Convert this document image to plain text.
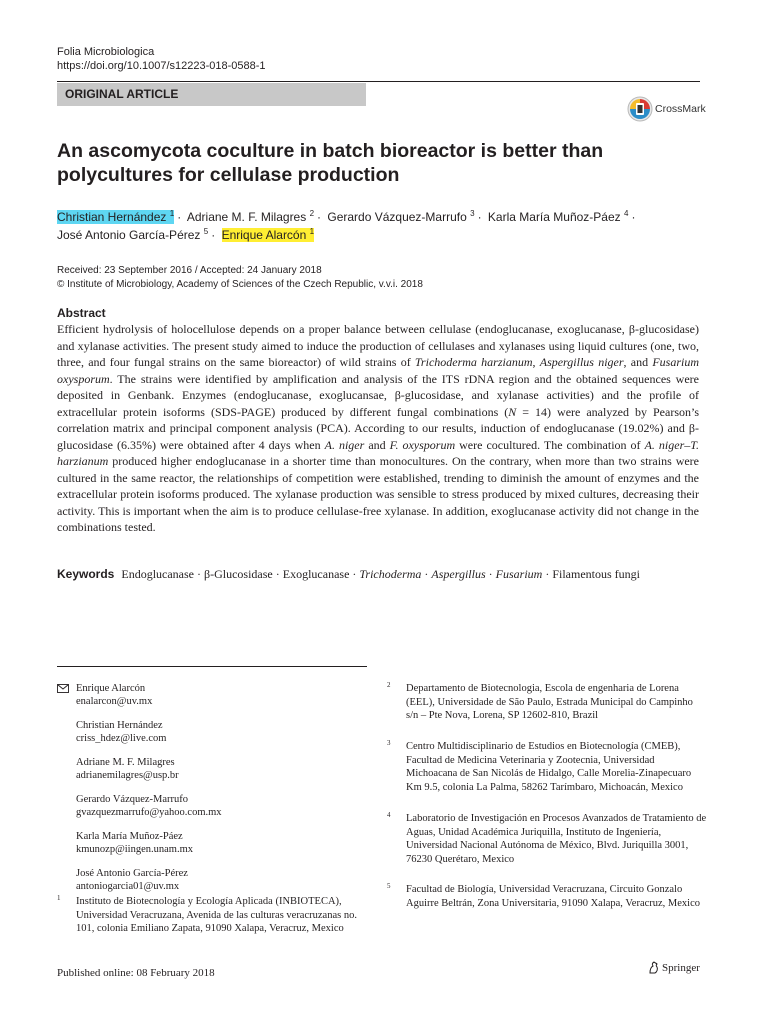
Folia Microbiologica
https://doi.org/10.1007/s12223-018-0588-1
ORIGINAL ARTICLE
CrossMark
An ascomycota coculture in batch bioreactor is better than polycultures for cellulase production
Christian Hernández $^1$ · Adriane M. F. Milagres $^2$ · Gerardo Vázquez-Marrufo $^3$ · Karla María Muñoz-Páez $^4$ ·
José Antonio García-Pérez $^5$ · Enrique Alarcón $^1$
Received: 23 September 2016 / Accepted: 24 January 2018
© Institute of Microbiology, Academy of Sciences of the Czech Republic, v.v.i. 2018
Abstract
Efficient hydrolysis of holocellulose depends on a proper balance between cellulase (endoglucanase, exoglucanase, β-glucosidase) and xylanase activities. The present study aimed to induce the production of cellulases and xylanases using liquid cultures (one, two, three, and four fungal strains on the same bioreactor) of wild strains of Trichoderma harzianum, Aspergillus niger, and Fusarium oxysporum. The strains were identified by amplification and analysis of the ITS rDNA region and the obtained sequences were deposited in Genbank. Enzymes (endoglucanase, exoglucansae, β-glucosidase, and xylanase activities) and the profile of extracellular protein isoforms (SDS-PAGE) produced by different fungal combinations (N = 14) were analyzed by Pearson’s correlation matrix and principal component analysis (PCA). According to our results, induction of endoglucanase (19.02%) and β-glucosidase (6.35%) were obtained after 4 days when A. niger and F. oxysporum were cocultured. The combination of A. niger–T. harzianum produced higher endoglucanase in a shorter time than monocultures. On the contrary, when more than two strains were cultured in the same reactor, the relationships of competition were established, trending to diminish the amount of enzymes and the extracellular protein isoforms produced. The xylanase production was sensible to stress produced by mixed cultures, decreasing their activity. This is important when the aim is to produce cellulase-free xylanase. In addition, exoglucanase activity did not change in the combinations tested.
Keywords Endoglucanase · β-Glucosidase · Exoglucanase · Trichoderma · Aspergillus · Fusarium · Filamentous fungi
Enrique Alarcón
enalarcon@uv.mx
Christian Hernández
criss_hdez@live.com
Adriane M. F. Milagres
adrianemilagres@usp.br
Gerardo Vázquez-Marrufo
gvazquezmarrufo@yahoo.com.mx
Karla María Muñoz-Páez
kmunozp@iingen.unam.mx
José Antonio García-Pérez
antoniogarcia01@uv.mx
1 Instituto de Biotecnología y Ecología Aplicada (INBIOTECA), Universidad Veracruzana, Avenida de las culturas veracruzanas no. 101, colonia Emiliano Zapata, 91090 Xalapa, Veracruz, Mexico
2 Departamento de Biotecnologia, Escola de engenharia de Lorena (EEL), Universidade de São Paulo, Estrada Municipal do Campinho s/n – Pte Nova, Lorena, SP 12602-810, Brazil
3 Centro Multidisciplinario de Estudios en Biotecnología (CMEB), Facultad de Medicina Veterinaria y Zootecnia, Universidad Michoacana de San Nicolás de Hidalgo, Calle Morelia-Zinapecuaro Km 9.5, colonia La Palma, 58262 Tarímbaro, Michoacán, Mexico
4 Laboratorio de Investigación en Procesos Avanzados de Tratamiento de Aguas, Unidad Académica Juriquilla, Instituto de Ingeniería, Universidad Nacional Autónoma de México, Blvd. Juriquilla 3001, 76230 Querétaro, Mexico
5 Facultad de Biología, Universidad Veracruzana, Circuito Gonzalo Aguirre Beltrán, Zona Universitaria, 91090 Xalapa, Veracruz, Mexico
Published online: 08 February 2018	Springer
